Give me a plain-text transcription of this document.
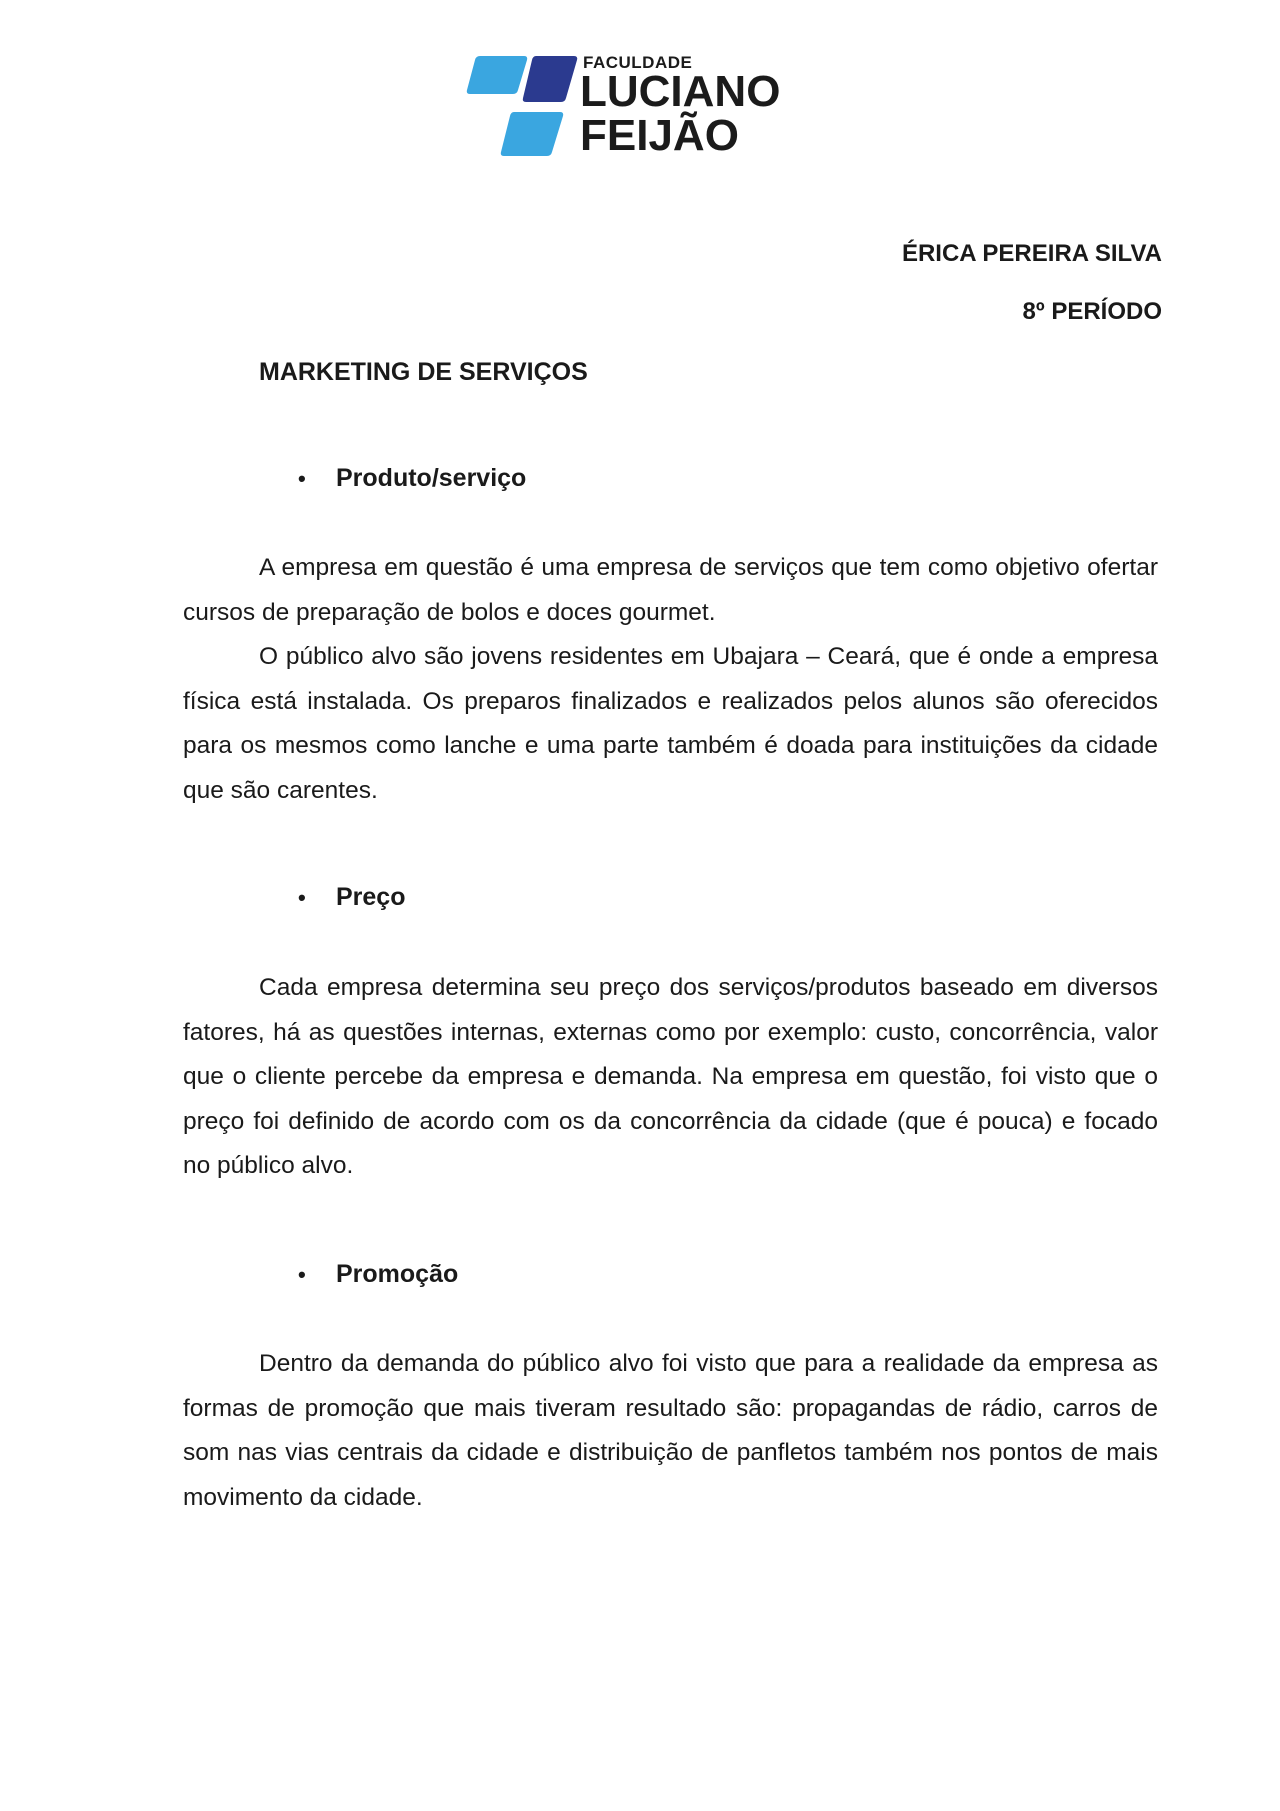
FACULDADE
LUCIANO
FEIJÃO
ÉRICA PEREIRA SILVA
8º PERÍODO
MARKETING DE SERVIÇOS
• Produto/serviço

A empresa em questão é uma empresa de serviços que tem como objetivo ofertar cursos de preparação de bolos e doces gourmet.

O público alvo são jovens residentes em Ubajara – Ceará, que é onde a empresa física está instalada. Os preparos finalizados e realizados pelos alunos são oferecidos para os mesmos como lanche e uma parte também é doada para instituições da cidade que são carentes.

• Preço

Cada empresa determina seu preço dos serviços/produtos baseado em diversos fatores, há as questões internas, externas como por exemplo: custo, concorrência, valor que o cliente percebe da empresa e demanda. Na empresa em questão, foi visto que o preço foi definido de acordo com os da concorrência da cidade (que é pouca) e focado no público alvo.

• Promoção

Dentro da demanda do público alvo foi visto que para a realidade da empresa as formas de promoção que mais tiveram resultado são: propagandas de rádio, carros de som nas vias centrais da cidade e distribuição de panfletos também nos pontos de mais movimento da cidade.
